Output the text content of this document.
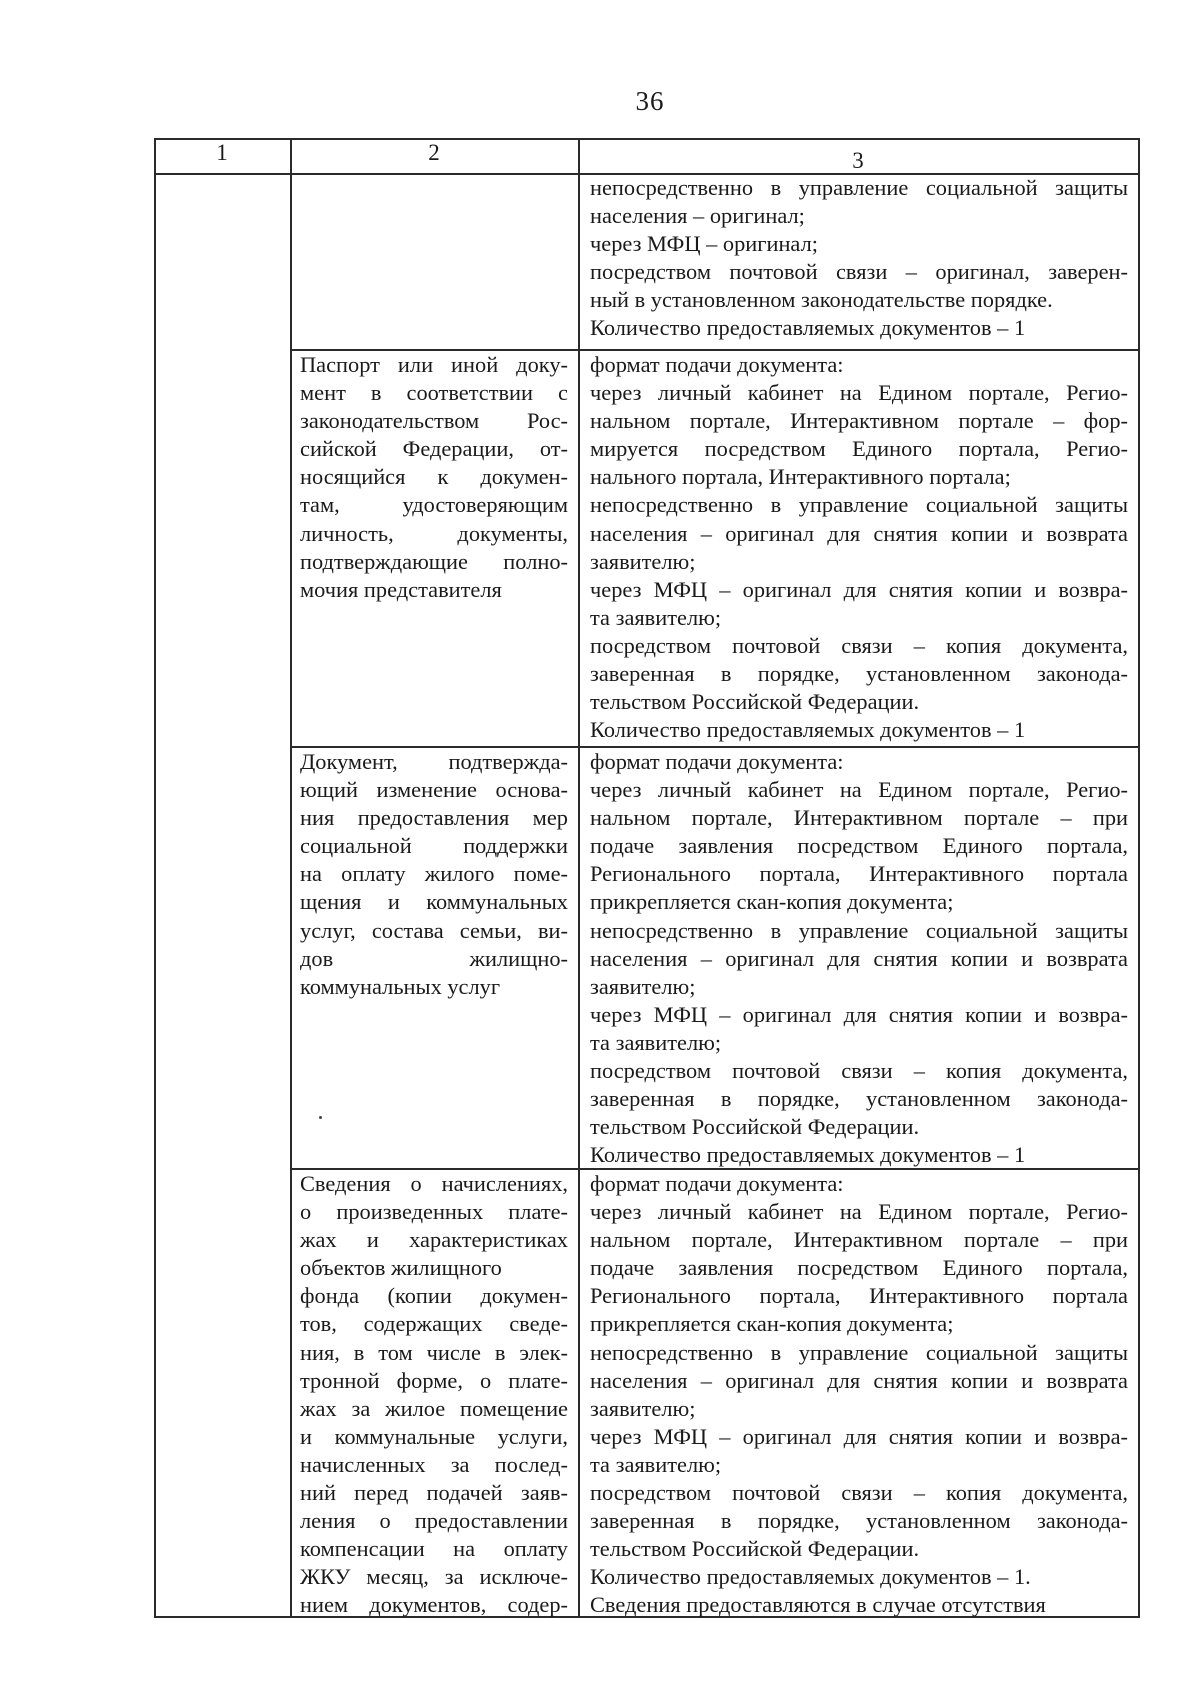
36
1	2	3
непосредственно в управление социальной защиты
населения – оригинал;
через МФЦ – оригинал;
посредством почтовой связи – оригинал, заверен-
ный в установленном законодательстве порядке.
Количество предоставляемых документов – 1
Паспорт или иной доку-
мент в соответствии с
законодательством Рос-
сийской Федерации, от-
носящийся к докумен-
там, удостоверяющим
личность, документы,
подтверждающие полно-
мочия представителя
формат подачи документа:
через личный кабинет на Едином портале, Регио-
нальном портале, Интерактивном портале – фор-
мируется посредством Единого портала, Регио-
нального портала, Интерактивного портала;
непосредственно в управление социальной защиты
населения – оригинал для снятия копии и возврата
заявителю;
через МФЦ – оригинал для снятия копии и возвра-
та заявителю;
посредством почтовой связи – копия документа,
заверенная в порядке, установленном законода-
тельством Российской Федерации.
Количество предоставляемых документов – 1
Документ, подтвержда-
ющий изменение основа-
ния предоставления мер
социальной поддержки
на оплату жилого поме-
щения и коммунальных
услуг, состава семьи, ви-
дов жилищно-
коммунальных услуг
формат подачи документа:
через личный кабинет на Едином портале, Регио-
нальном портале, Интерактивном портале – при
подаче заявления посредством Единого портала,
Регионального портала, Интерактивного портала
прикрепляется скан-копия документа;
непосредственно в управление социальной защиты
населения – оригинал для снятия копии и возврата
заявителю;
через МФЦ – оригинал для снятия копии и возвра-
та заявителю;
посредством почтовой связи – копия документа,
заверенная в порядке, установленном законода-
тельством Российской Федерации.
Количество предоставляемых документов – 1
Сведения о начислениях,
о произведенных плате-
жах и характеристиках
объектов жилищного
фонда (копии докумен-
тов, содержащих сведе-
ния, в том числе в элек-
тронной форме, о плате-
жах за жилое помещение
и коммунальные услуги,
начисленных за послед-
ний перед подачей заяв-
ления о предоставлении
компенсации на оплату
ЖКУ месяц, за исключе-
нием документов, содер-
формат подачи документа:
через личный кабинет на Едином портале, Регио-
нальном портале, Интерактивном портале – при
подаче заявления посредством Единого портала,
Регионального портала, Интерактивного портала
прикрепляется скан-копия документа;
непосредственно в управление социальной защиты
населения – оригинал для снятия копии и возврата
заявителю;
через МФЦ – оригинал для снятия копии и возвра-
та заявителю;
посредством почтовой связи – копия документа,
заверенная в порядке, установленном законода-
тельством Российской Федерации.
Количество предоставляемых документов – 1.
Сведения предоставляются в случае отсутствия
